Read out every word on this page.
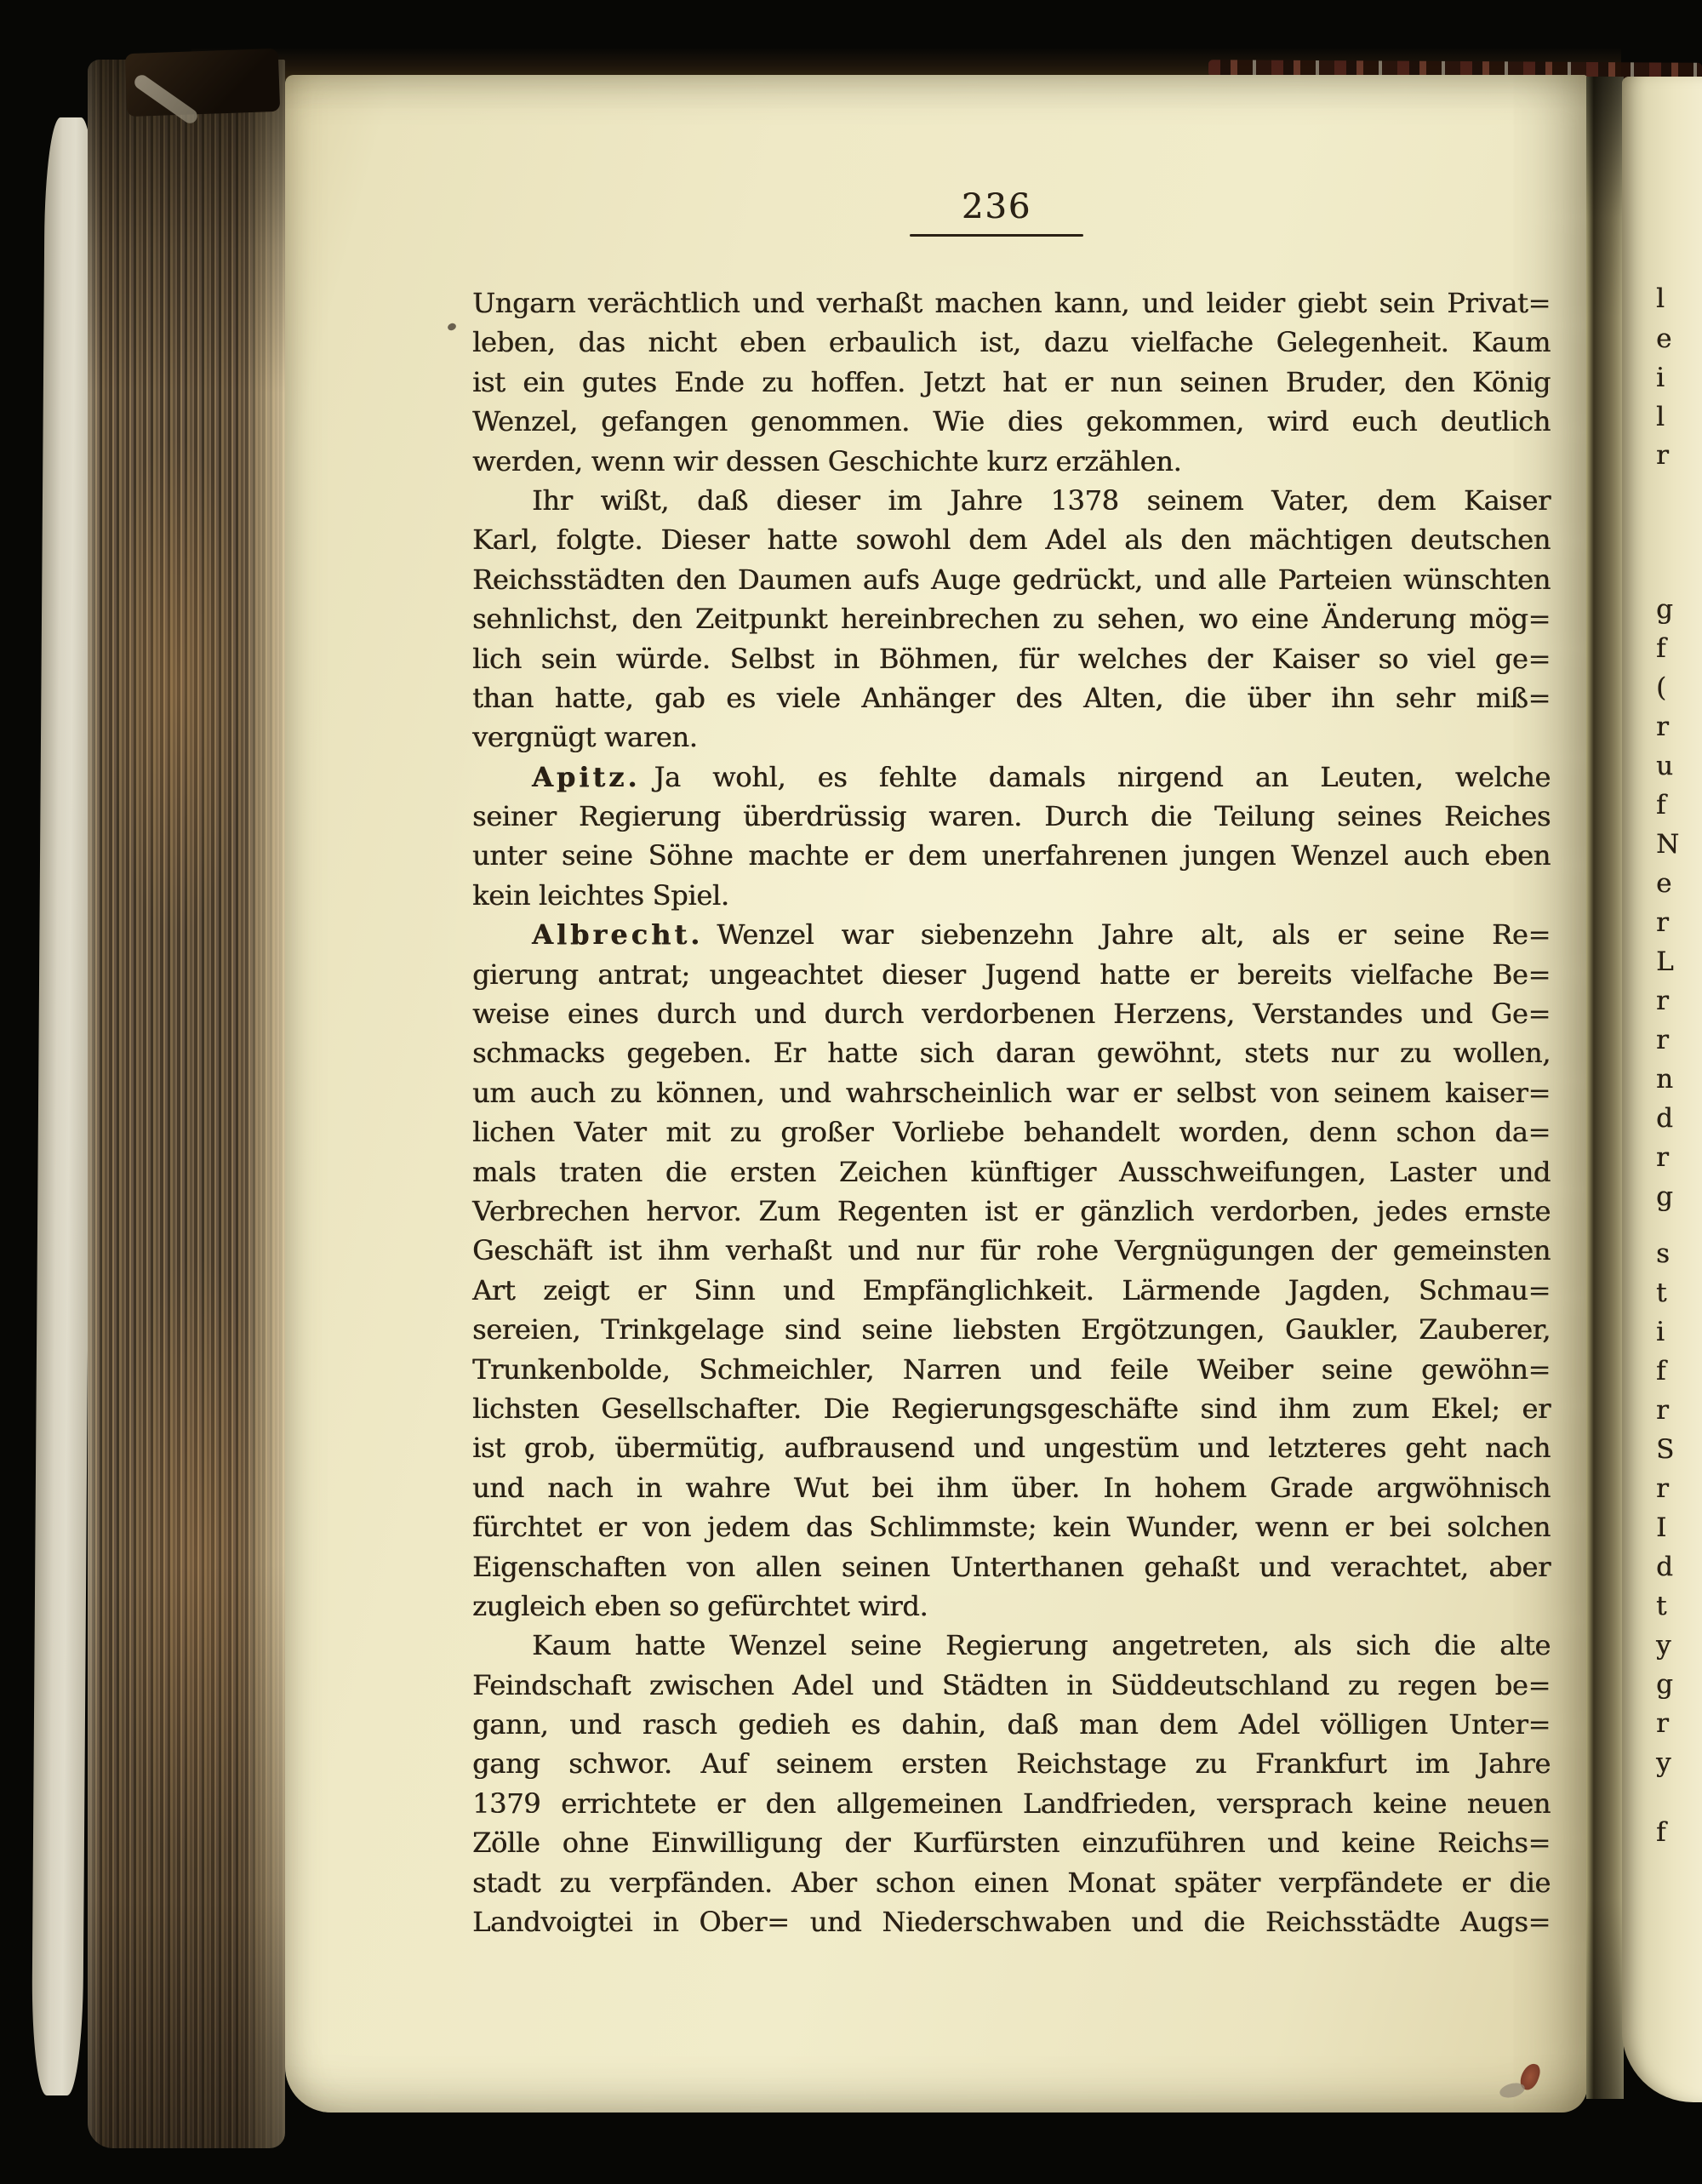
236
Ungarn verächtlich und verhaßt machen kann, und leider giebt sein Privat=
leben, das nicht eben erbaulich ist, dazu vielfache Gelegenheit. Kaum
ist ein gutes Ende zu hoffen. Jetzt hat er nun seinen Bruder, den König
Wenzel, gefangen genommen. Wie dies gekommen, wird euch deutlich
werden, wenn wir dessen Geschichte kurz erzählen.
Ihr wißt, daß dieser im Jahre 1378 seinem Vater, dem Kaiser
Karl, folgte. Dieser hatte sowohl dem Adel als den mächtigen deutschen
Reichsstädten den Daumen aufs Auge gedrückt, und alle Parteien wünschten
sehnlichst, den Zeitpunkt hereinbrechen zu sehen, wo eine Änderung mög=
lich sein würde. Selbst in Böhmen, für welches der Kaiser so viel ge=
than hatte, gab es viele Anhänger des Alten, die über ihn sehr miß=
vergnügt waren.
Apitz. Ja wohl, es fehlte damals nirgend an Leuten, welche
seiner Regierung überdrüssig waren. Durch die Teilung seines Reiches
unter seine Söhne machte er dem unerfahrenen jungen Wenzel auch eben
kein leichtes Spiel.
Albrecht. Wenzel war siebenzehn Jahre alt, als er seine Re=
gierung antrat; ungeachtet dieser Jugend hatte er bereits vielfache Be=
weise eines durch und durch verdorbenen Herzens, Verstandes und Ge=
schmacks gegeben. Er hatte sich daran gewöhnt, stets nur zu wollen,
um auch zu können, und wahrscheinlich war er selbst von seinem kaiser=
lichen Vater mit zu großer Vorliebe behandelt worden, denn schon da=
mals traten die ersten Zeichen künftiger Ausschweifungen, Laster und
Verbrechen hervor. Zum Regenten ist er gänzlich verdorben, jedes ernste
Geschäft ist ihm verhaßt und nur für rohe Vergnügungen der gemeinsten
Art zeigt er Sinn und Empfänglichkeit. Lärmende Jagden, Schmau=
sereien, Trinkgelage sind seine liebsten Ergötzungen, Gaukler, Zauberer,
Trunkenbolde, Schmeichler, Narren und feile Weiber seine gewöhn=
lichsten Gesellschafter. Die Regierungsgeschäfte sind ihm zum Ekel; er
ist grob, übermütig, aufbrausend und ungestüm und letzteres geht nach
und nach in wahre Wut bei ihm über. In hohem Grade argwöhnisch
fürchtet er von jedem das Schlimmste; kein Wunder, wenn er bei solchen
Eigenschaften von allen seinen Unterthanen gehaßt und verachtet, aber
zugleich eben so gefürchtet wird.
Kaum hatte Wenzel seine Regierung angetreten, als sich die alte
Feindschaft zwischen Adel und Städten in Süddeutschland zu regen be=
gann, und rasch gedieh es dahin, daß man dem Adel völligen Unter=
gang schwor. Auf seinem ersten Reichstage zu Frankfurt im Jahre
1379 errichtete er den allgemeinen Landfrieden, versprach keine neuen
Zölle ohne Einwilligung der Kurfürsten einzuführen und keine Reichs=
stadt zu verpfänden. Aber schon einen Monat später verpfändete er die
Landvoigtei in Ober= und Niederschwaben und die Reichsstädte Augs=
l
e
i
l
r
g
f
(
r
u
f
N
e
r
L
r
r
n
d
r
g
s
t
i
f
r
S
r
I
d
t
y
g
r
y
f
